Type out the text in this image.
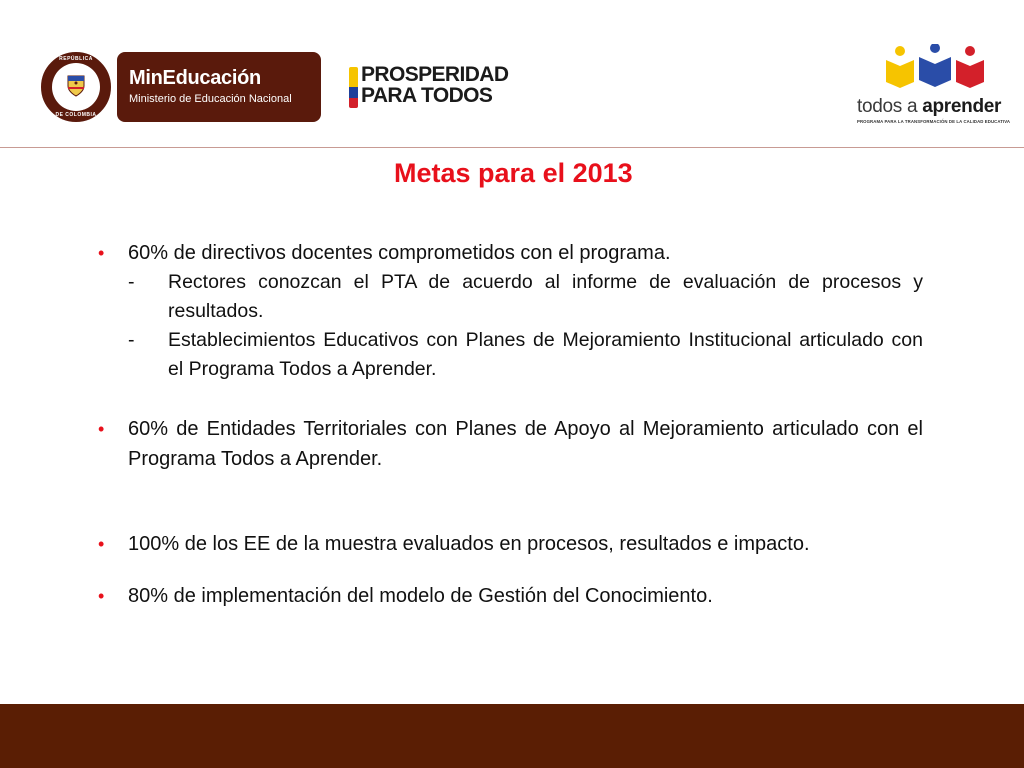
REPÚBLICA
DE COLOMBIA
MinEducación
Ministerio de Educación Nacional
PROSPERIDAD
PARA TODOS	todos a aprender
PROGRAMA PARA LA TRANSFORMACIÓN DE LA CALIDAD EDUCATIVA
Metas para el 2013
• 60% de directivos docentes comprometidos con el programa.
- Rectores conozcan el PTA de acuerdo al informe de evaluación de procesos y resultados.
- Establecimientos Educativos con Planes de Mejoramiento Institucional articulado con el Programa Todos a Aprender.
• 60% de Entidades Territoriales con Planes de Apoyo al Mejoramiento articulado con el Programa Todos a Aprender.
• 100% de los EE de la muestra evaluados en procesos, resultados e impacto.
• 80% de implementación del modelo de Gestión del Conocimiento.
